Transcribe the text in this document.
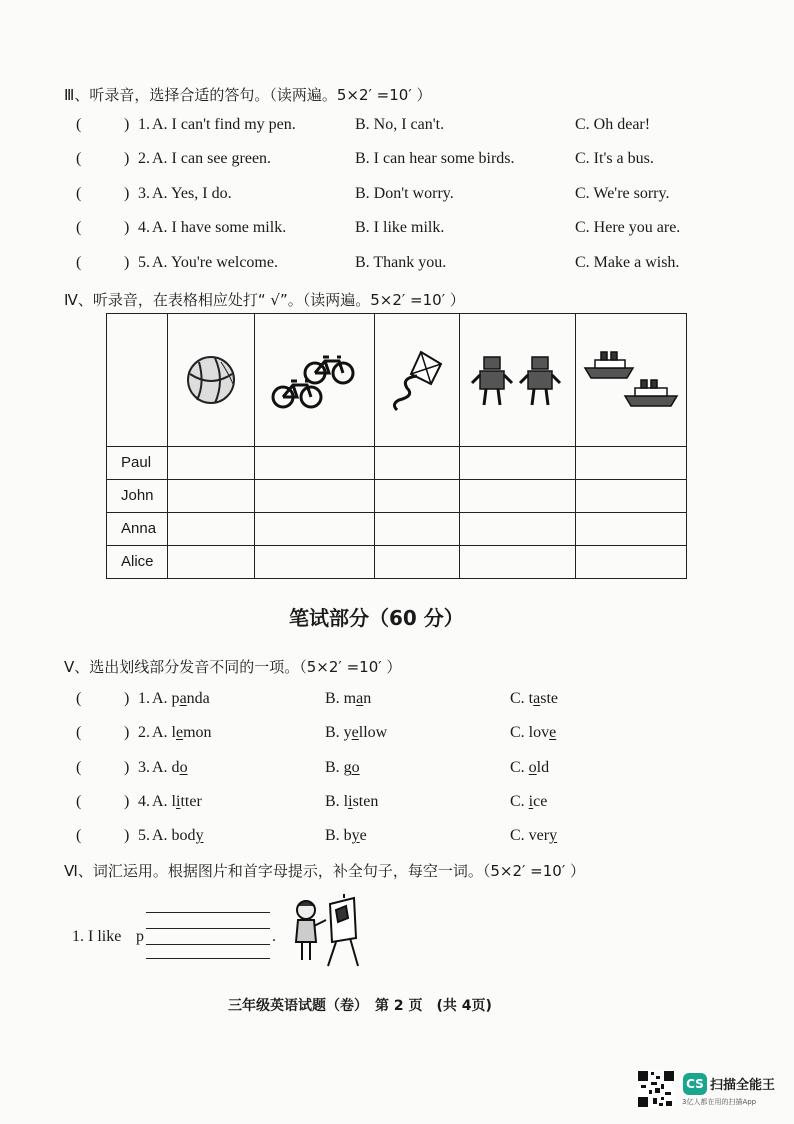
Ⅲ、听录音，选择合适的答句。（读两遍。5×2′ =10′ ）
(	) 1. A. I can't find my pen.	B. No, I can't.	C. Oh dear!
(	) 2. A. I can see green.	B. I can hear some birds.	C. It's a bus.
(	) 3. A. Yes, I do.	B. Don't worry.	C. We're sorry.
(	) 4. A. I have some milk.	B. I like milk.	C. Here you are.
(	) 5. A. You're welcome.	B. Thank you.	C. Make a wish.
Ⅳ、听录音，在表格相应处打“ √”。（读两遍。5×2′ =10′ ）

Paul					
John					
Anna					
Alice					
笔试部分（60 分）
Ⅴ、选出划线部分发音不同的一项。（5×2′ =10′ ）
(	) 1. A. panda	B. man	C. taste
(	) 2. A. lemon	B. yellow	C. love
(	) 3. A. do	B. go	C. old
(	) 4. A. litter	B. listen	C. ice
(	) 5. A. body	B. bye	C. very
Ⅵ、词汇运用。根据图片和首字母提示，补全句子，每空一词。（5×2′ =10′ ）
1. I like p	.
三年级英语试题（卷）　第 2 页　(共 4页)
CS 扫描全能王
3亿人都在用的扫描App
